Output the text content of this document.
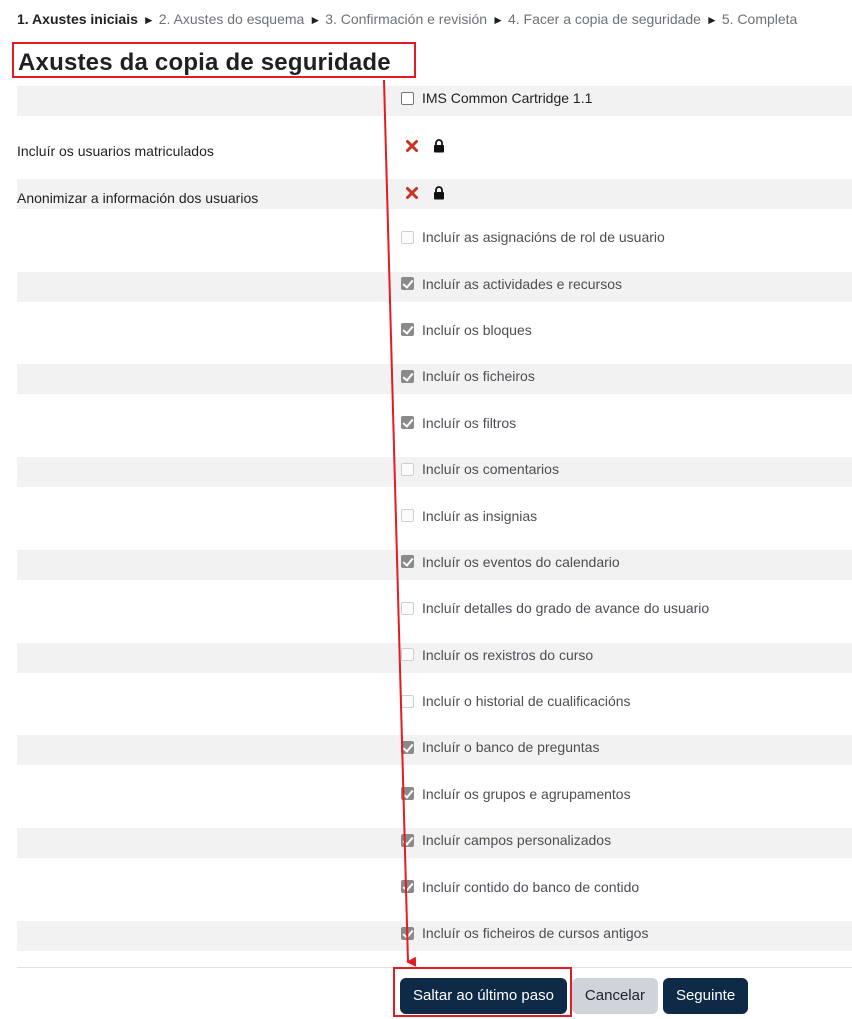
1. Axustes iniciais ► 2. Axustes do esquema ► 3. Confirmación e revisión ► 4. Facer a copia de seguridade ► 5. Completa
Axustes da copia de seguridade
IMS Common Cartridge 1.1
Incluír os usuarios matriculados
Anonimizar a información dos usuarios
Incluír as asignacións de rol de usuario
Incluír as actividades e recursos
Incluír os bloques
Incluír os ficheiros
Incluír os filtros
Incluír os comentarios
Incluír as insignias
Incluír os eventos do calendario
Incluír detalles do grado de avance do usuario
Incluír os rexistros do curso
Incluír o historial de cualificacións
Incluír o banco de preguntas
Incluír os grupos e agrupamentos
Incluír campos personalizados
Incluír contido do banco de contido
Incluír os ficheiros de cursos antigos
Saltar ao último paso	Cancelar	Seguinte
